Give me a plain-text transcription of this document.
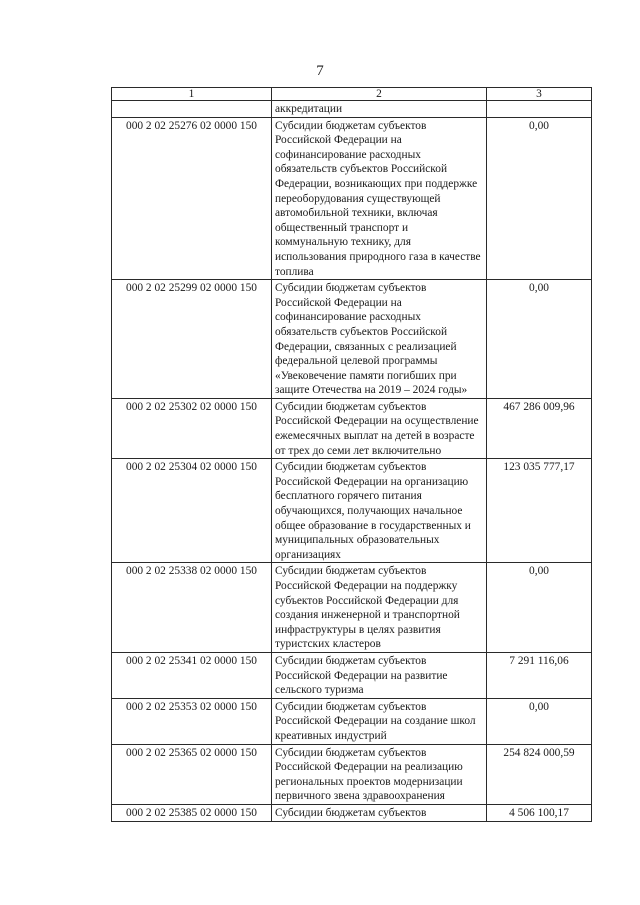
7
1	2	3
	аккредитации	
000 2 02 25276 02 0000 150	Субсидии бюджетам субъектов Российской Федерации на софинансирование расходных обязательств субъектов Российской Федерации, возникающих при поддержке переоборудования существующей автомобильной техники, включая общественный транспорт и коммунальную технику, для использования природного газа в качестве топлива	0,00
000 2 02 25299 02 0000 150	Субсидии бюджетам субъектов Российской Федерации на софинансирование расходных обязательств субъектов Российской Федерации, связанных с реализацией федеральной целевой программы «Увековечение памяти погибших при защите Отечества на 2019 – 2024 годы»	0,00
000 2 02 25302 02 0000 150	Субсидии бюджетам субъектов Российской Федерации на осуществление ежемесячных выплат на детей в возрасте от трех до семи лет включительно	467 286 009,96
000 2 02 25304 02 0000 150	Субсидии бюджетам субъектов Российской Федерации на организацию бесплатного горячего питания обучающихся, получающих начальное общее образование в государственных и муниципальных образовательных организациях	123 035 777,17
000 2 02 25338 02 0000 150	Субсидии бюджетам субъектов Российской Федерации на поддержку субъектов Российской Федерации для создания инженерной и транспортной инфраструктуры в целях развития туристских кластеров	0,00
000 2 02 25341 02 0000 150	Субсидии бюджетам субъектов Российской Федерации на развитие сельского туризма	7 291 116,06
000 2 02 25353 02 0000 150	Субсидии бюджетам субъектов Российской Федерации на создание школ креативных индустрий	0,00
000 2 02 25365 02 0000 150	Субсидии бюджетам субъектов Российской Федерации на реализацию региональных проектов модернизации первичного звена здравоохранения	254 824 000,59
000 2 02 25385 02 0000 150	Субсидии бюджетам субъектов	4 506 100,17
